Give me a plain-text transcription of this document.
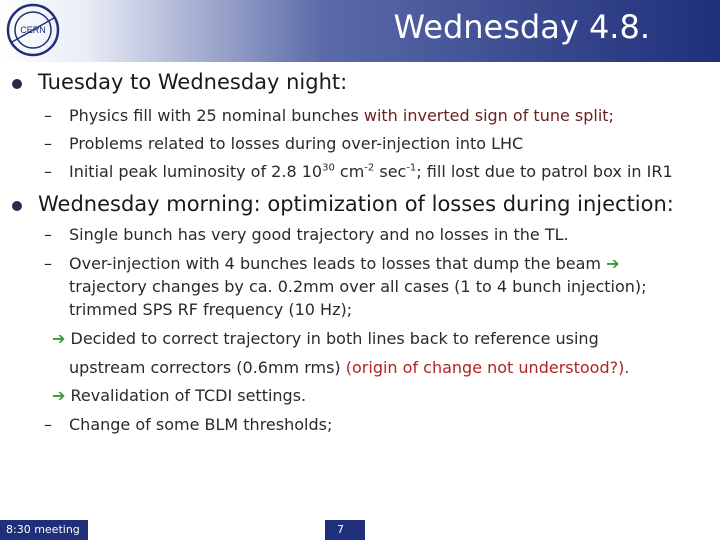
CERN	Wednesday 4.8.
Tuesday to Wednesday night:
– Physics fill with 25 nominal bunches with inverted sign of tune split;
– Problems related to losses during over-injection into LHC
– Initial peak luminosity of 2.8 $10^{30}$ $cm^{-2}$ $\sec^{-1}$; fill lost due to patrol box in IR1
Wednesday morning: optimization of losses during injection:
– Single bunch has very good trajectory and no losses in the TL.
– Over-injection with 4 bunches leads to losses that dump the beam ➔
trajectory changes by ca. 0.2mm over all cases (1 to 4 bunch injection);
trimmed SPS RF frequency (10 Hz);
➔ Decided to correct trajectory in both lines back to reference using
upstream correctors (0.6mm rms) (origin of change not understood?).
➔ Revalidation of TCDI settings.
– Change of some BLM thresholds;
8:30 meeting	7
